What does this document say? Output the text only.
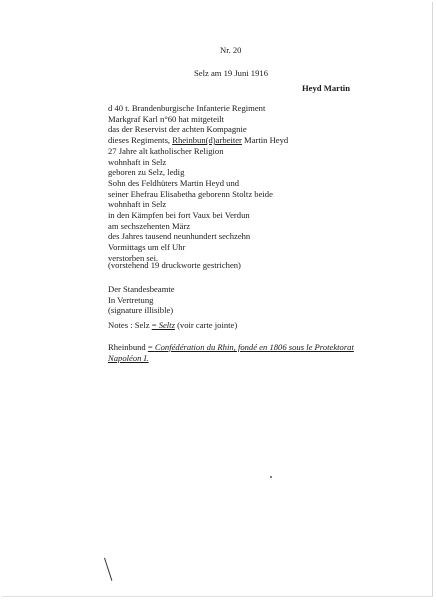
Nr. 20
Selz am 19 Juni 1916
Heyd Martin
d 40 t. Brandenburgische Infanterie Regiment
Markgraf Karl n°60 hat mitgeteilt
das der Reservist der achten Kompagnie
dieses Regiments, Rheinbun(d)arbeiter Martin Heyd
27 Jahre alt katholischer Religion
wohnhaft in Selz
geboren zu Selz, ledig
Sohn des Feldhüters Martin Heyd und
seiner Ehefrau Elisabetha geborenn Stoltz beide
wohnhaft in Selz
in den Kämpfen bei fort Vaux bei Verdun
am sechszehenten März
des Jahres tausend neunhundert sechzehn
Vormittags um elf Uhr
verstorben sei.
(vorstehend 19 druckworte gestrichen)
Der Standesbeamte
In Vertretung
(signature illisible)
Notes : Selz = Seltz (voir carte jointe)
Rheinbund = Confédération du Rhin, fondé en 1806 sous le Protektorat
Napoléon I.
